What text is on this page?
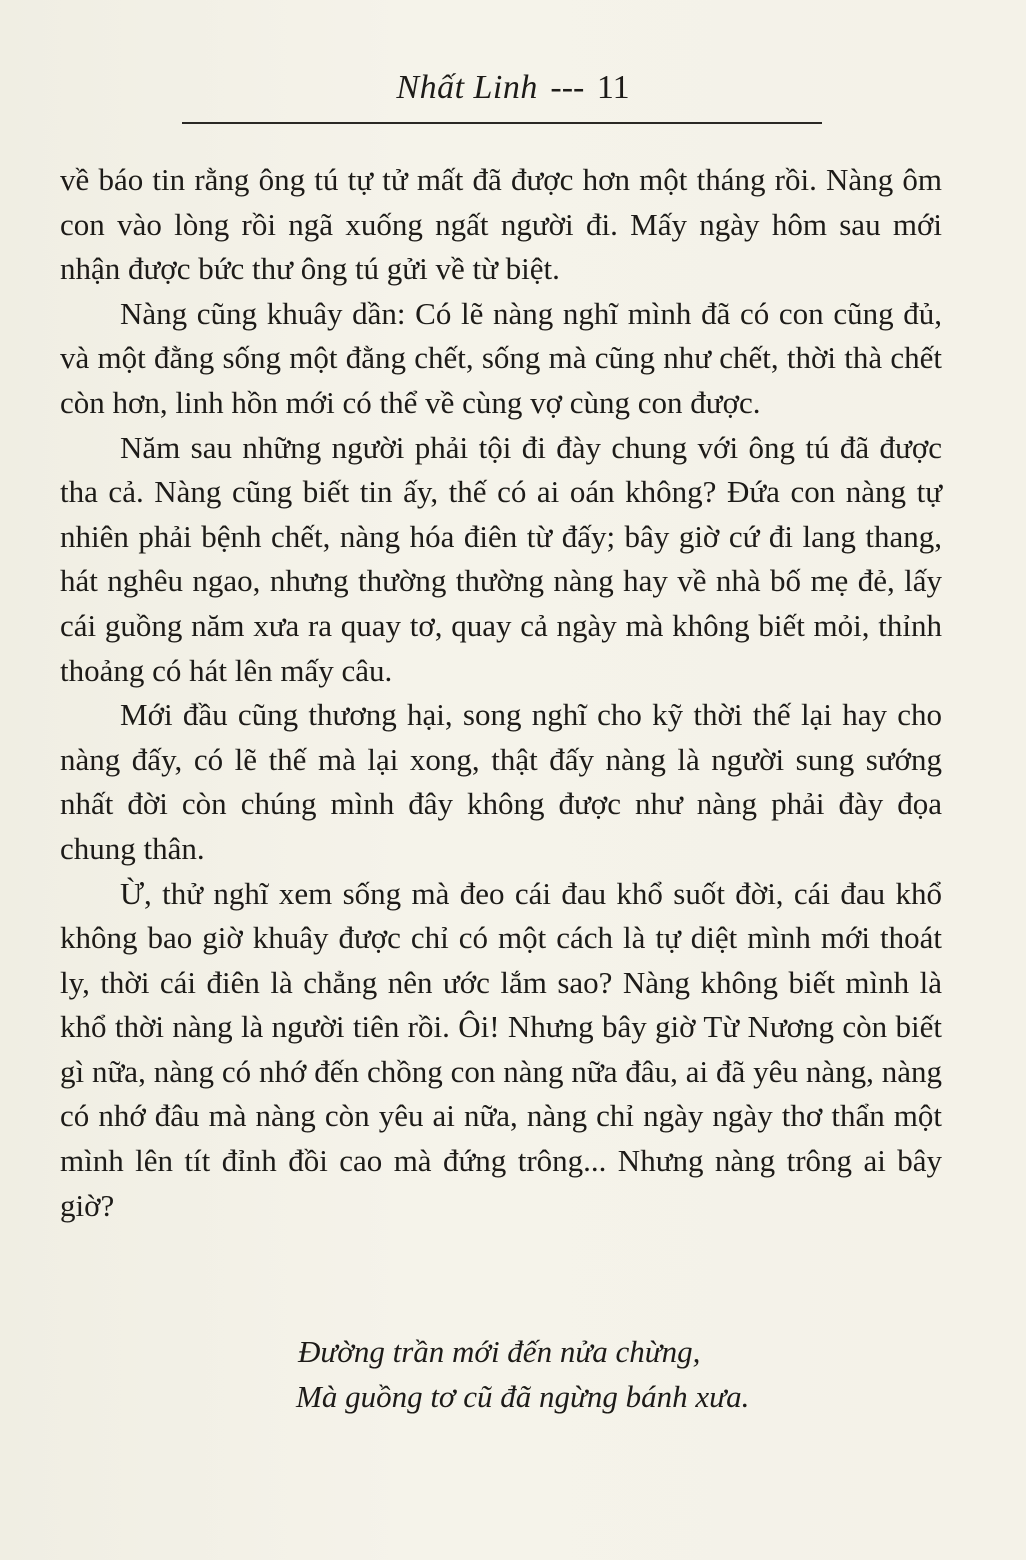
Nhất Linh --- 11

về báo tin rằng ông tú tự tử mất đã được hơn một tháng rồi. Nàng ôm con vào lòng rồi ngã xuống ngất người đi. Mấy ngày hôm sau mới nhận được bức thư ông tú gửi về từ biệt.

Nàng cũng khuây dần: Có lẽ nàng nghĩ mình đã có con cũng đủ, và một đằng sống một đằng chết, sống mà cũng như chết, thời thà chết còn hơn, linh hồn mới có thể về cùng vợ cùng con được.

Năm sau những người phải tội đi đày chung với ông tú đã được tha cả. Nàng cũng biết tin ấy, thế có ai oán không? Đứa con nàng tự nhiên phải bệnh chết, nàng hóa điên từ đấy; bây giờ cứ đi lang thang, hát nghêu ngao, nhưng thường thường nàng hay về nhà bố mẹ đẻ, lấy cái guồng năm xưa ra quay tơ, quay cả ngày mà không biết mỏi, thỉnh thoảng có hát lên mấy câu.

Mới đầu cũng thương hại, song nghĩ cho kỹ thời thế lại hay cho nàng đấy, có lẽ thế mà lại xong, thật đấy nàng là người sung sướng nhất đời còn chúng mình đây không được như nàng phải đày đọa chung thân.

Ừ, thử nghĩ xem sống mà đeo cái đau khổ suốt đời, cái đau khổ không bao giờ khuây được chỉ có một cách là tự diệt mình mới thoát ly, thời cái điên là chẳng nên ước lắm sao? Nàng không biết mình là khổ thời nàng là người tiên rồi. Ôi! Nhưng bây giờ Từ Nương còn biết gì nữa, nàng có nhớ đến chồng con nàng nữa đâu, ai đã yêu nàng, nàng có nhớ đâu mà nàng còn yêu ai nữa, nàng chỉ ngày ngày thơ thẩn một mình lên tít đỉnh đồi cao mà đứng trông... Nhưng nàng trông ai bây giờ?

Đường trần mới đến nửa chừng,
Mà guồng tơ cũ đã ngừng bánh xưa.
